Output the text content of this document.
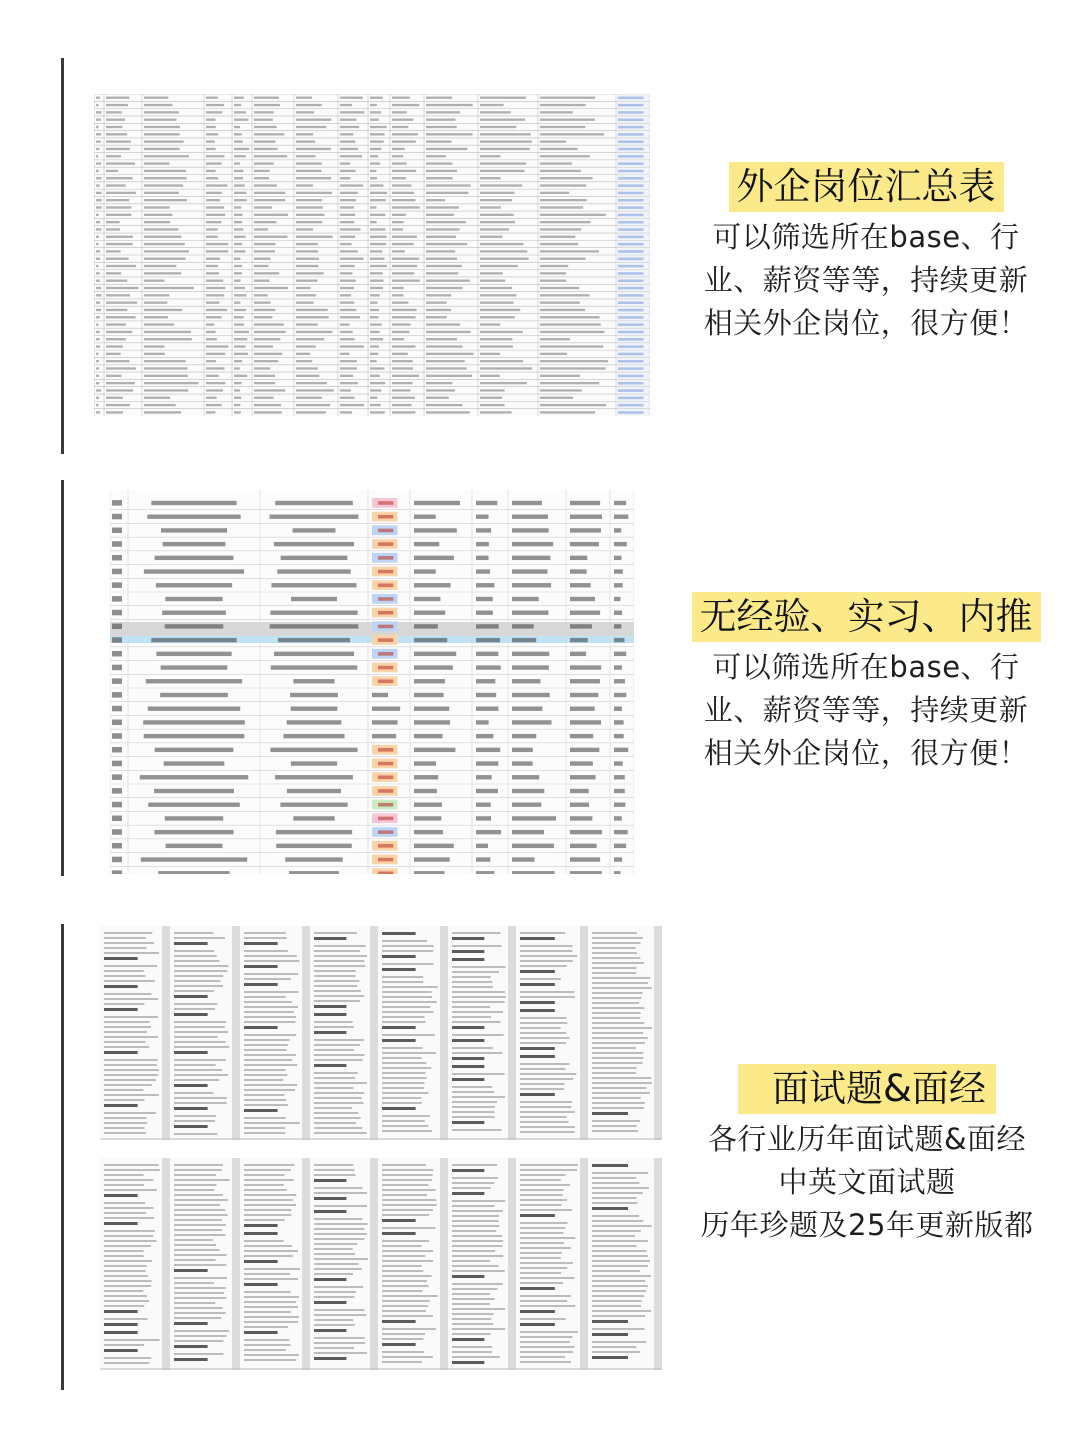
外企岗位汇总表
可以筛选所在base、行
业、薪资等等，持续更新
相关外企岗位，很方便！
无经验、实习、内推
可以筛选所在base、行
业、薪资等等，持续更新
相关外企岗位，很方便！
面试题&面经
各行业历年面试题&面经
中英文面试题
历年珍题及25年更新版都
